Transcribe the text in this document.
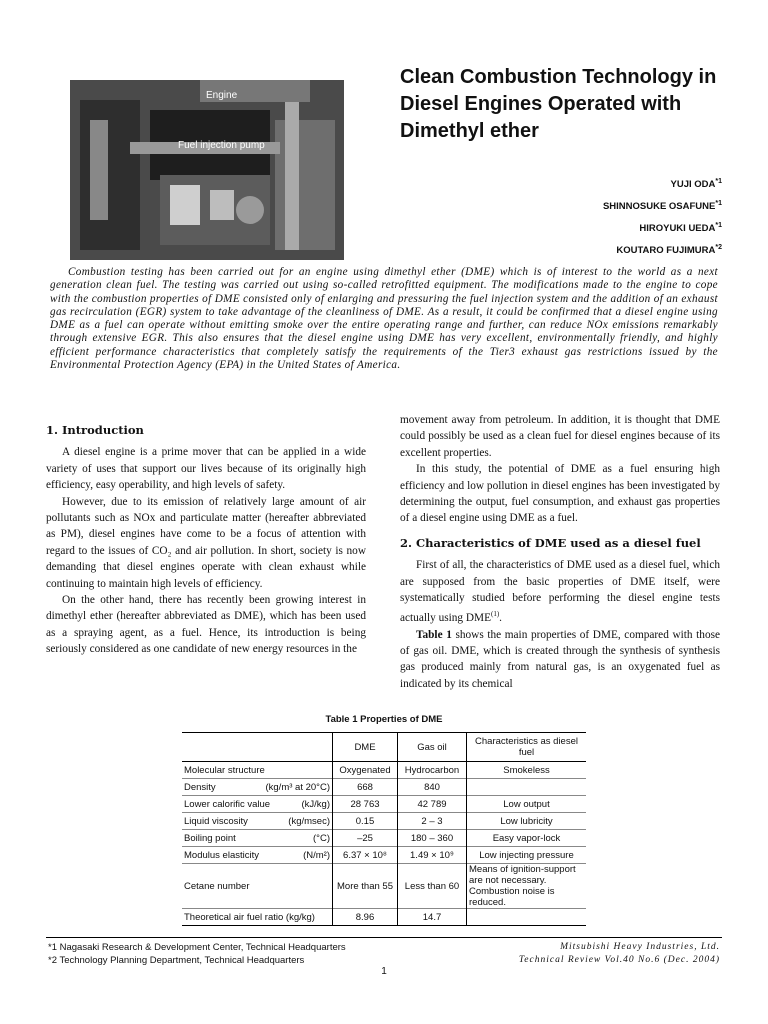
Engine
Fuel injection pump
Clean Combustion Technology in Diesel Engines Operated with Dimethyl ether
YUJI ODA$^{*1}$
SHINNOSUKE OSAFUNE$^{*1}$
HIROYUKI UEDA$^{*1}$
KOUTARO FUJIMURA$^{*2}$

Combustion testing has been carried out for an engine using dimethyl ether (DME) which is of interest to the world as a next generation clean fuel. The testing was carried out using so-called retrofitted equipment. The modifications made to the engine to cope with the combustion properties of DME consisted only of enlarging and pressuring the fuel injection system and the addition of an exhaust gas recirculation (EGR) system to take advantage of the cleanliness of DME. As a result, it could be confirmed that a diesel engine using DME as a fuel can operate without emitting smoke over the entire operating range and further, can reduce NOx emissions remarkably through extensive EGR. This also ensures that the diesel engine using DME has very excellent, environmentally friendly, and highly efficient performance characteristics that completely satisfy the requirements of the Tier3 exhaust gas restrictions issued by the Environmental Protection Agency (EPA) in the United States of America.

1. Introduction

A diesel engine is a prime mover that can be applied in a wide variety of uses that support our lives because of its originally high efficiency, easy operability, and high levels of safety.

However, due to its emission of relatively large amount of air pollutants such as NOx and particulate matter (hereafter abbreviated as PM), diesel engines have come to be a focus of attention with regard to the issues of CO₂ and air pollution. In short, society is now demanding that diesel engines operate with clean exhaust while continuing to maintain high levels of efficiency.

On the other hand, there has recently been growing interest in dimethyl ether (hereafter abbreviated as DME), which has been used as a spraying agent, as a fuel. Hence, its introduction is being seriously considered as one candidate of new energy resources in the

movement away from petroleum. In addition, it is thought that DME could possibly be used as a clean fuel for diesel engines because of its excellent properties.

In this study, the potential of DME as a fuel ensuring high efficiency and low pollution in diesel engines has been investigated by determining the output, fuel consumption, and exhaust gas properties of a diesel engine using DME as a fuel.

2. Characteristics of DME used as a diesel fuel

First of all, the characteristics of DME used as a diesel fuel, which are supposed from the basic properties of DME itself, were systematically studied before performing the diesel engine tests actually using DME$^{(1)}$.

Table 1 shows the main properties of DME, compared with those of gas oil. DME, which is created through the synthesis of synthesis gas produced mainly from natural gas, is an oxygenated fuel as indicated by its chemical

Table 1 Properties of DME
	DME	Gas oil	Characteristics as diesel fuel
Molecular structure	Oxygenated	Hydrocarbon	Smokeless

Density (kg/m³ at 20°C)	668	840	

Lower calorific value (kJ/kg)	28 763	42 789	Low output

Liquid viscosity (kg/msec)	0.15	2 – 3	Low lubricity

Boiling point (°C)	–25	180 – 360	Easy vapor-lock

Modulus elasticity (N/m²)	6.37 × 10⁸	1.49 × 10⁹	Low injecting pressure
Cetane number	More than 55	Less than 60	Means of ignition-support are not necessary. Combustion noise is reduced.
Theoretical air fuel ratio (kg/kg)	8.96	14.7	
*1 Nagasaki Research & Development Center, Technical Headquarters
*2 Technology Planning Department, Technical Headquarters
Mitsubishi Heavy Industries, Ltd.
Technical Review Vol.40 No.6 (Dec. 2004)
1
